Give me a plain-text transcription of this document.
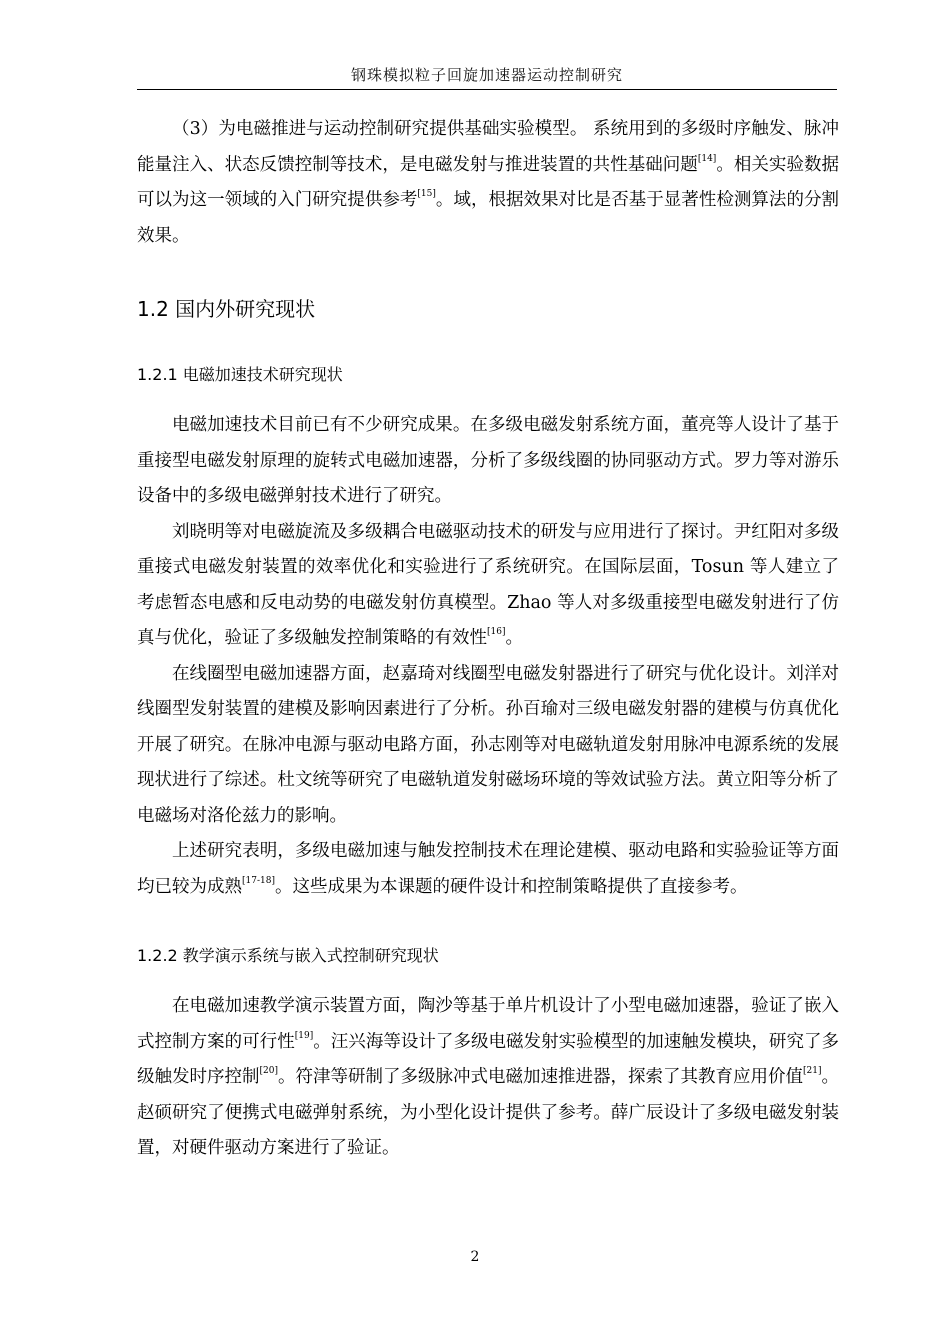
钢珠模拟粒子回旋加速器运动控制研究

（3）为电磁推进与运动控制研究提供基础实验模型。 系统用到的多级时序触发、脉冲能量注入、状态反馈控制等技术，是电磁发射与推进装置的共性基础问题[14]。相关实验数据可以为这一领域的入门研究提供参考[15]。域，根据效果对比是否基于显著性检测算法的分割效果。

1.2 国内外研究现状
1.2.1 电磁加速技术研究现状

电磁加速技术目前已有不少研究成果。在多级电磁发射系统方面，董亮等人设计了基于重接型电磁发射原理的旋转式电磁加速器，分析了多级线圈的协同驱动方式。罗力等对游乐设备中的多级电磁弹射技术进行了研究。

刘晓明等对电磁旋流及多级耦合电磁驱动技术的研发与应用进行了探讨。尹红阳对多级重接式电磁发射装置的效率优化和实验进行了系统研究。在国际层面，Tosun 等人建立了考虑暂态电感和反电动势的电磁发射仿真模型。Zhao 等人对多级重接型电磁发射进行了仿真与优化，验证了多级触发控制策略的有效性[16]。

在线圈型电磁加速器方面，赵嘉琦对线圈型电磁发射器进行了研究与优化设计。刘洋对线圈型发射装置的建模及影响因素进行了分析。孙百瑜对三级电磁发射器的建模与仿真优化开展了研究。在脉冲电源与驱动电路方面，孙志刚等对电磁轨道发射用脉冲电源系统的发展现状进行了综述。杜文统等研究了电磁轨道发射磁场环境的等效试验方法。黄立阳等分析了电磁场对洛伦兹力的影响。

上述研究表明，多级电磁加速与触发控制技术在理论建模、驱动电路和实验验证等方面均已较为成熟[17-18]。这些成果为本课题的硬件设计和控制策略提供了直接参考。

1.2.2 教学演示系统与嵌入式控制研究现状

在电磁加速教学演示装置方面，陶沙等基于单片机设计了小型电磁加速器，验证了嵌入式控制方案的可行性[19]。汪兴海等设计了多级电磁发射实验模型的加速触发模块，研究了多级触发时序控制[20]。符津等研制了多级脉冲式电磁加速推进器，探索了其教育应用价值[21]。赵硕研究了便携式电磁弹射系统，为小型化设计提供了参考。薛广辰设计了多级电磁发射装置，对硬件驱动方案进行了验证。

2
